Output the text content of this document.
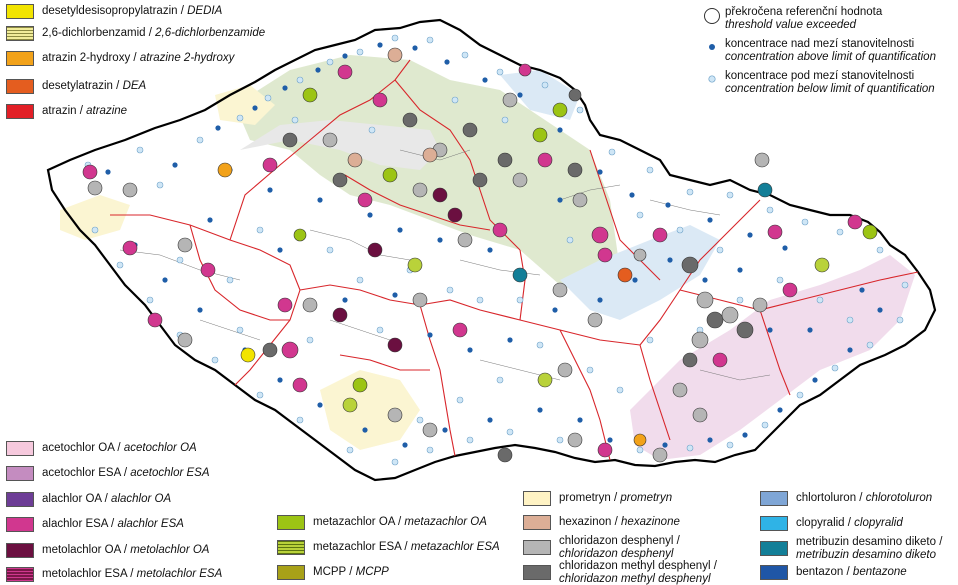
desetyldesisopropylatrazin / DEDIA
2,6-dichlorbenzamid / 2,6-dichlorbenzamide
atrazin 2-hydroxy / atrazine 2-hydroxy
desetylatrazin / DEA
atrazin / atrazine
překročena referenční hodnota
threshold value exceeded
koncentrace nad mezí stanovitelnosti
concentration above limit of quantification
koncentrace pod mezí stanovitelnosti
concentration below limit of quantification
acetochlor OA / acetochlor OA
acetochlor ESA / acetochlor ESA
alachlor OA / alachlor OA
alachlor ESA / alachlor ESA
metolachlor OA / metolachlor OA
metolachlor ESA / metolachlor ESA
metazachlor OA / metazachlor OA
metazachlor ESA / metazachlor ESA
MCPP / MCPP
prometryn / prometryn
hexazinon / hexazinone
chloridazon desphenyl /
chloridazon desphenyl
chloridazon methyl desphenyl /
chloridazon methyl desphenyl
chlortoluron / chlorotoluron
clopyralid / clopyralid
metribuzin desamino diketo /
metribuzin desamino diketo
bentazon / bentazone
